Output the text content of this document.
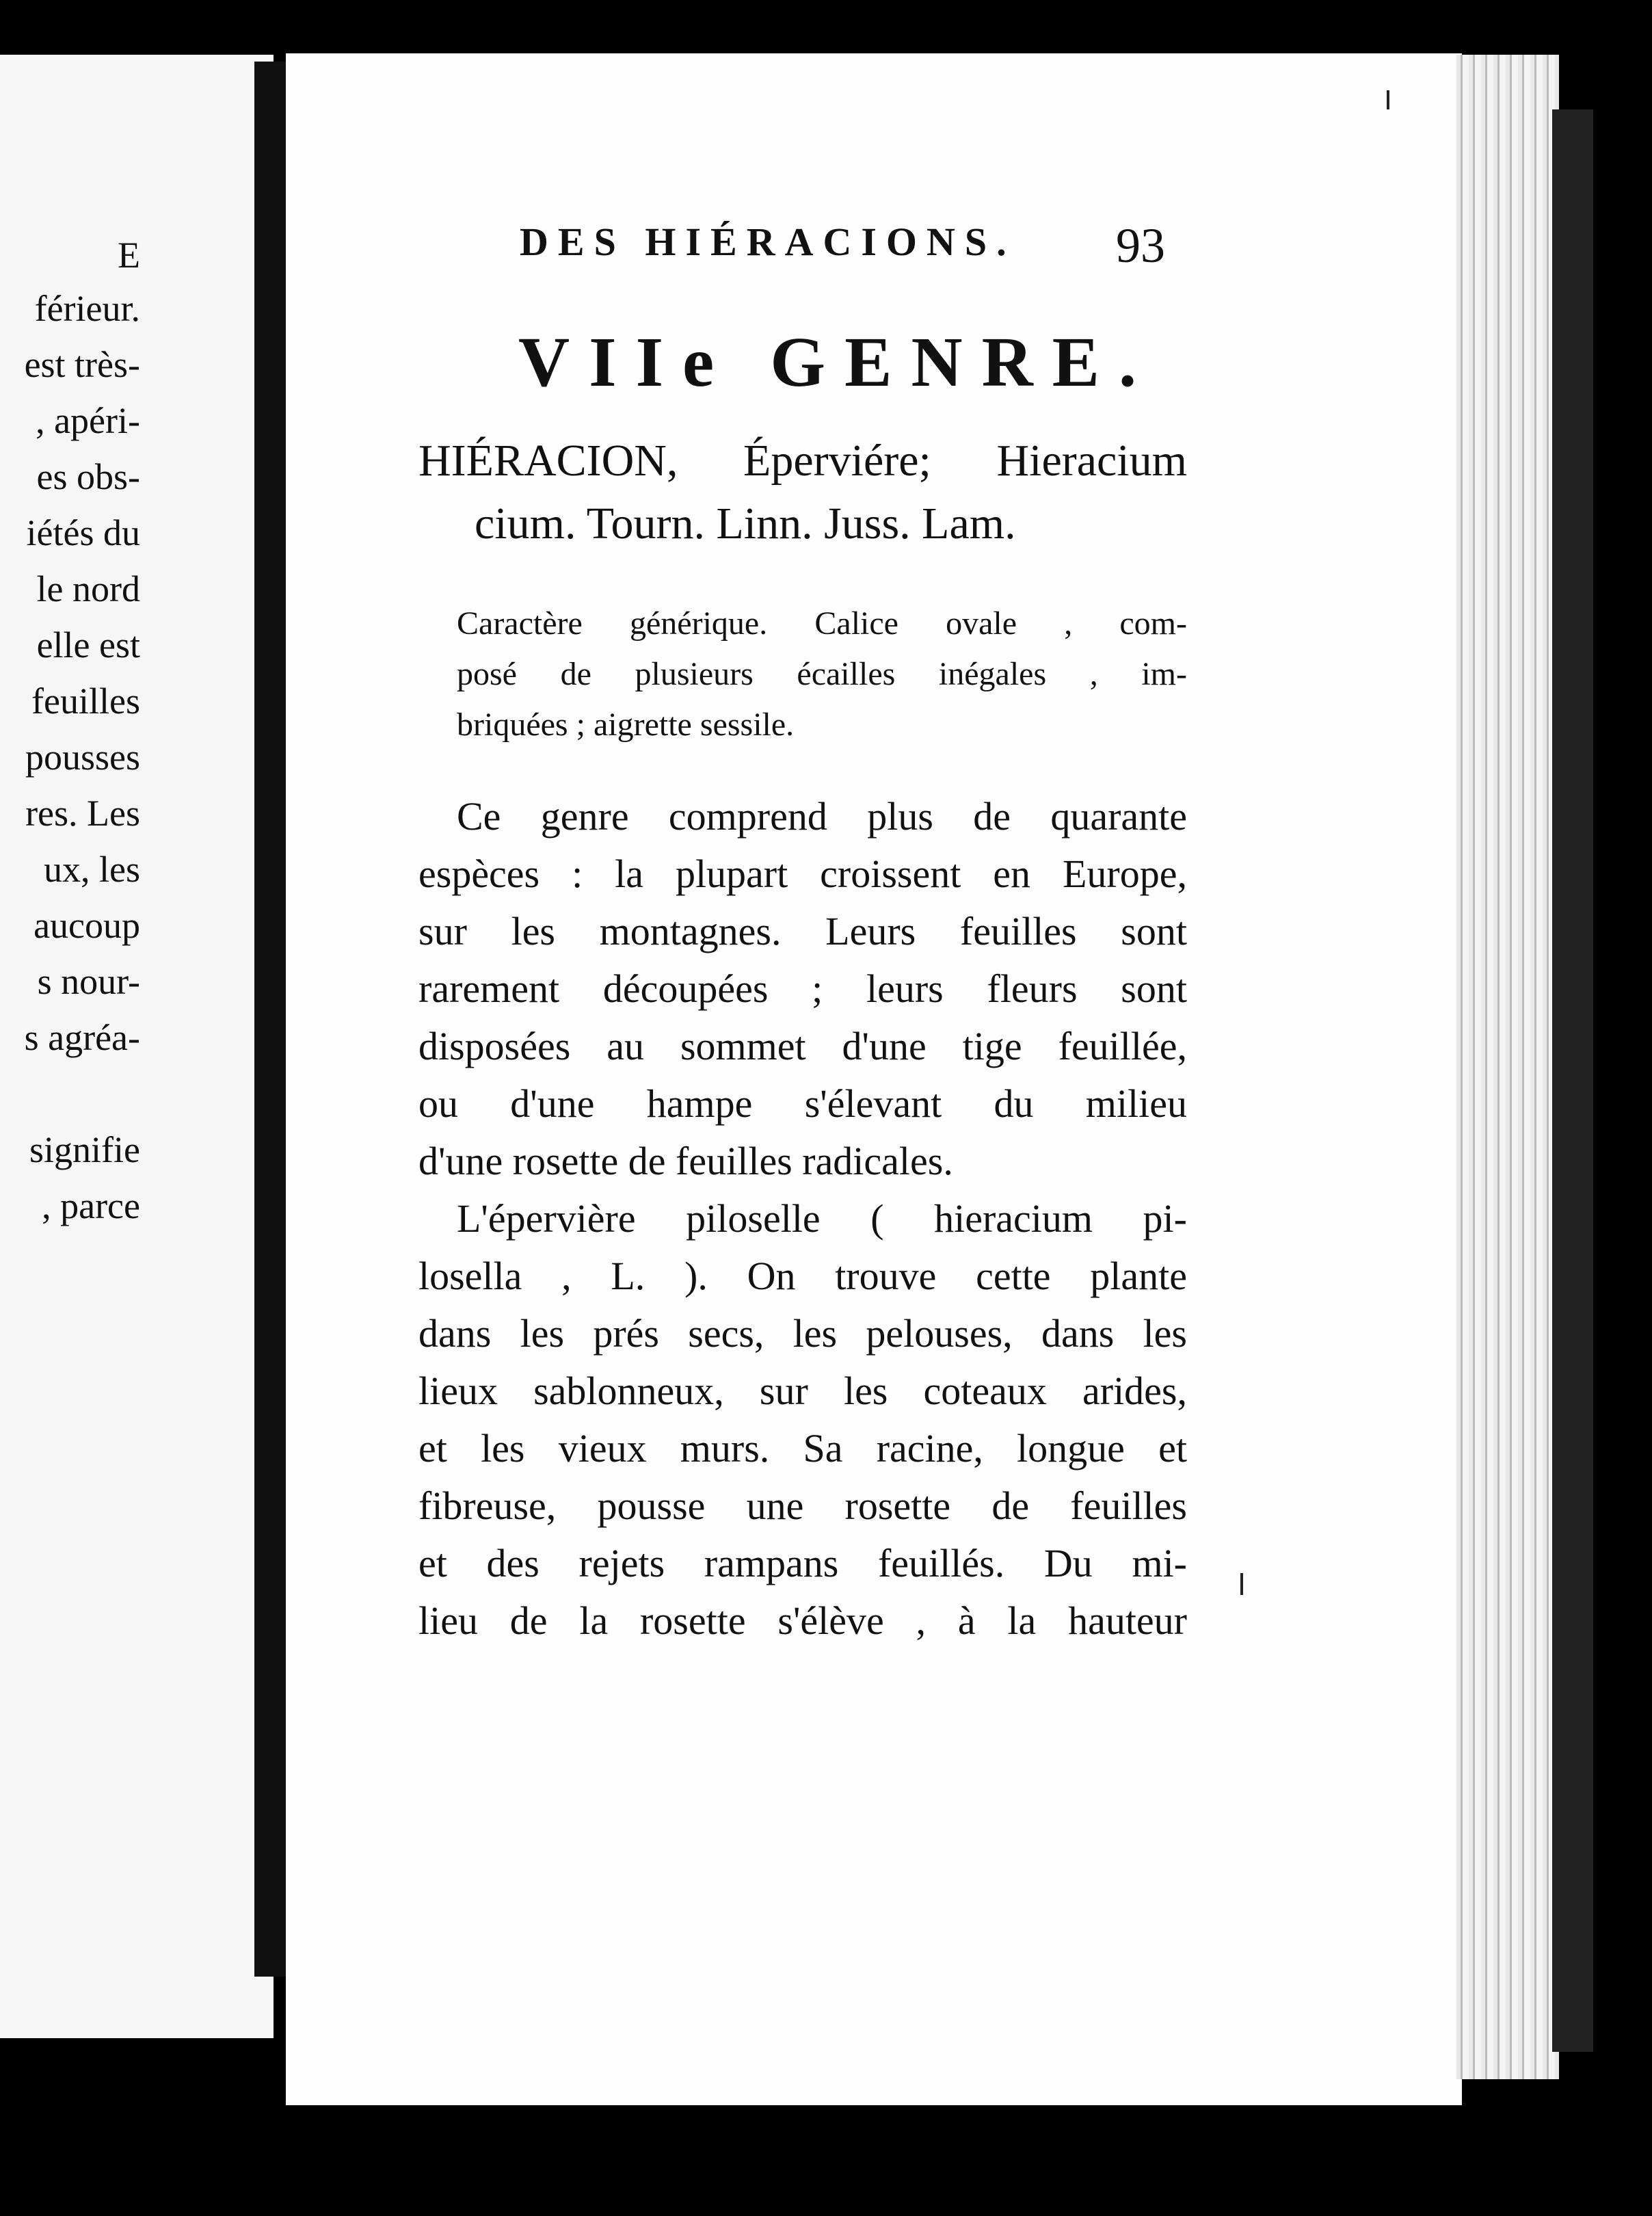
E
férieur.
est très-
, apéri-
es obs-
iétés du
le nord
elle est
feuilles
pousses
res. Les
ux, les
aucoup
s nour-
s agréa-
signifie
, parce
DES HIÉRACIONS. 93
VIIe GENRE.
HIÉRACION, Éperviére; Hieracium
cium. Tourn. Linn. Juss. Lam.
Caractère générique. Calice ovale , com-
posé de plusieurs écailles inégales , im-
briquées ; aigrette sessile.
Ce genre comprend plus de quarante
espèces : la plupart croissent en Europe,
sur les montagnes. Leurs feuilles sont
rarement découpées ; leurs fleurs sont
disposées au sommet d'une tige feuillée,
ou d'une hampe s'élevant du milieu
d'une rosette de feuilles radicales.
L'épervière piloselle ( hieracium pi-
losella , L. ). On trouve cette plante
dans les prés secs, les pelouses, dans les
lieux sablonneux, sur les coteaux arides,
et les vieux murs. Sa racine, longue et
fibreuse, pousse une rosette de feuilles
et des rejets rampans feuillés. Du mi-
lieu de la rosette s'élève , à la hauteur
